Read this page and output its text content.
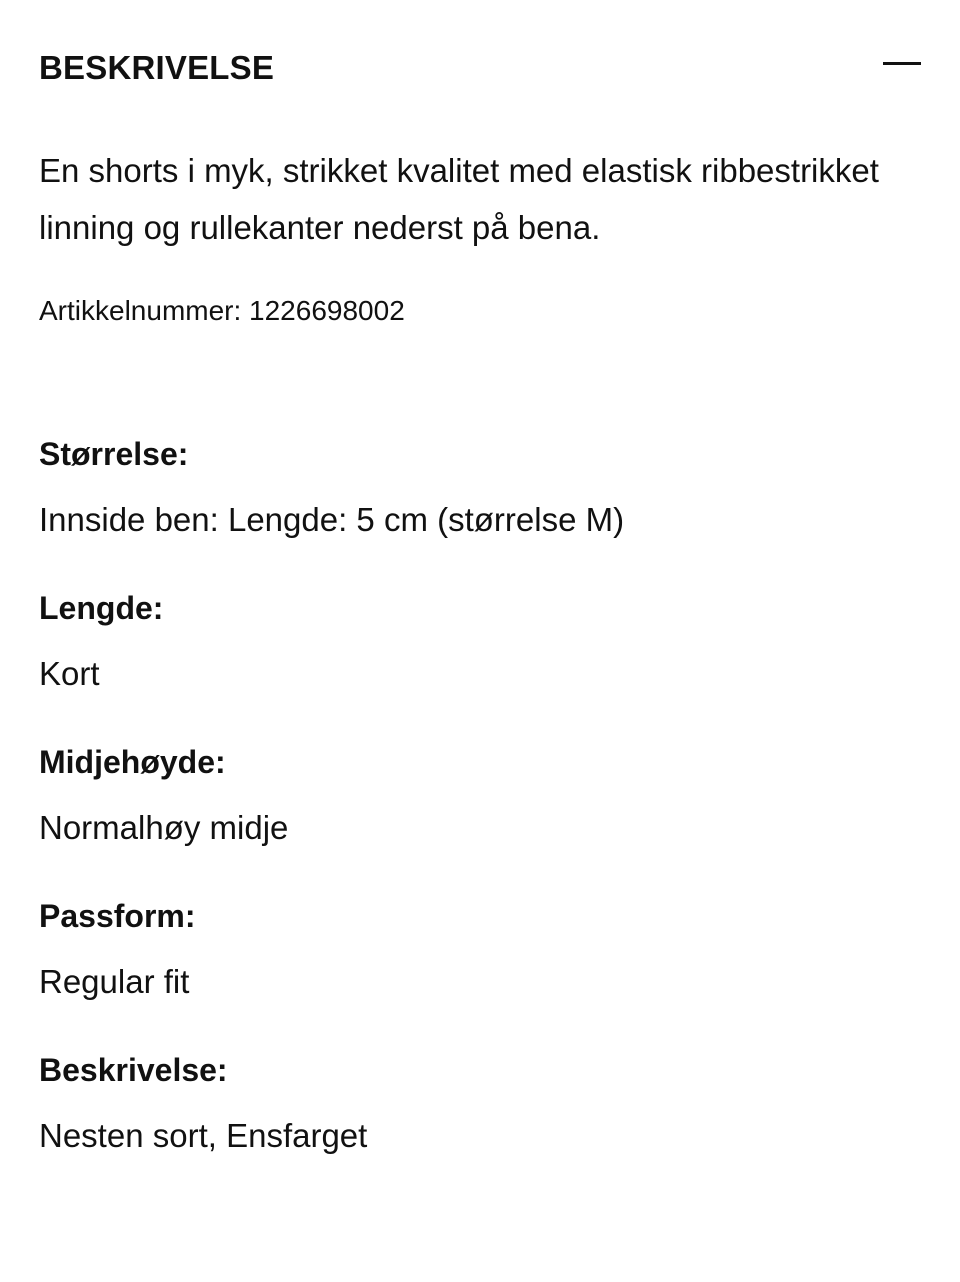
BESKRIVELSE

En shorts i myk, strikket kvalitet med elastisk ribbestrikket linning og rullekanter nederst på bena.

Artikkelnummer: 1226698002

Størrelse:

Innside ben: Lengde: 5 cm (størrelse M)

Lengde:

Kort

Midjehøyde:

Normalhøy midje

Passform:

Regular fit

Beskrivelse:

Nesten sort, Ensfarget
